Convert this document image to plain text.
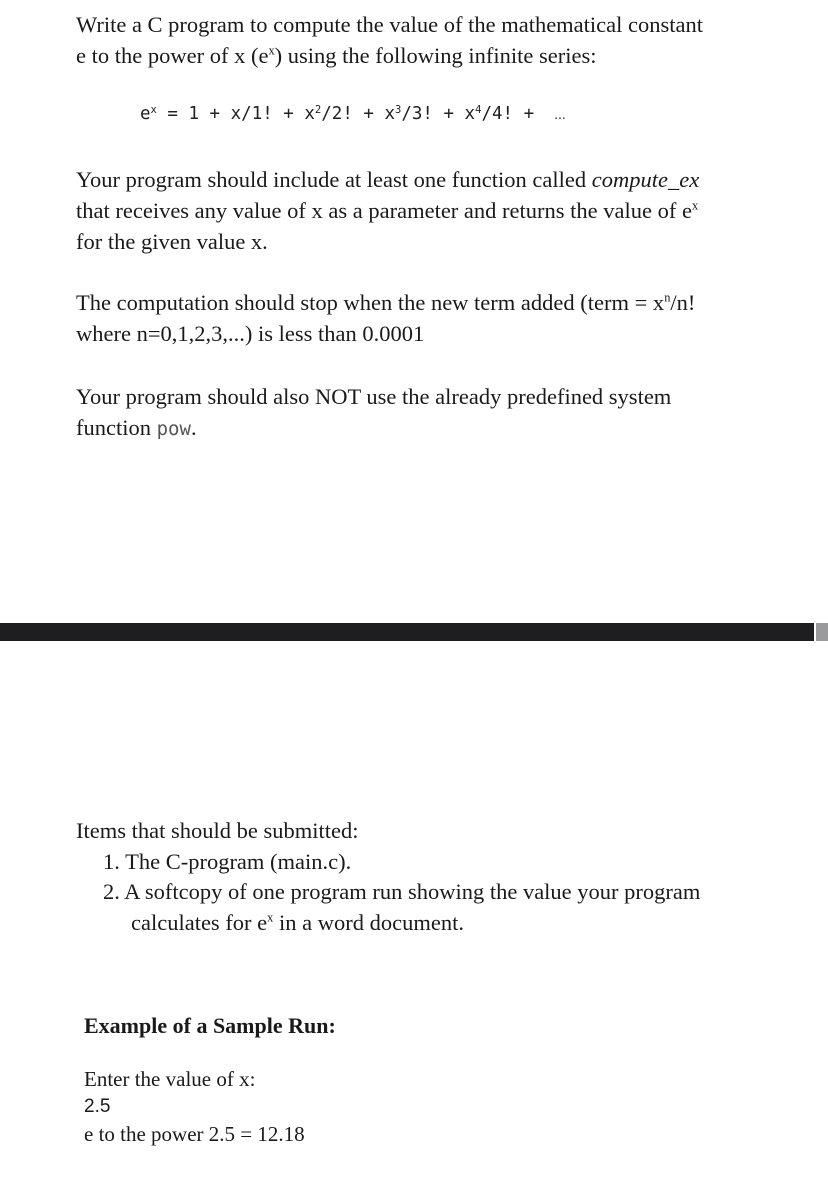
Write a C program to compute the value of the mathematical constant
e to the power of x $(e^x)$ using the following infinite series:
$e^x = 1 + x/1$! + $x^2/2$! + $x^3/3$! + $x^4/4$! + ...
Your program should include at least one function called compute_ex
that receives any value of x as a parameter and returns the value of $e^x$
for the given value x.
The computation should stop when the new term added (term = $x^n/n$!
where n=0,1,2,3,...) is less than 0.0001
Your program should also NOT use the already predefined system
function pow.
Items that should be submitted:
1. The C-program (main.c).
2. A softcopy of one program run showing the value your program
calculates for $e^x$ in a word document.
Example of a Sample Run:
Enter the value of x:
2.5
e to the power 2.5 = 12.18
